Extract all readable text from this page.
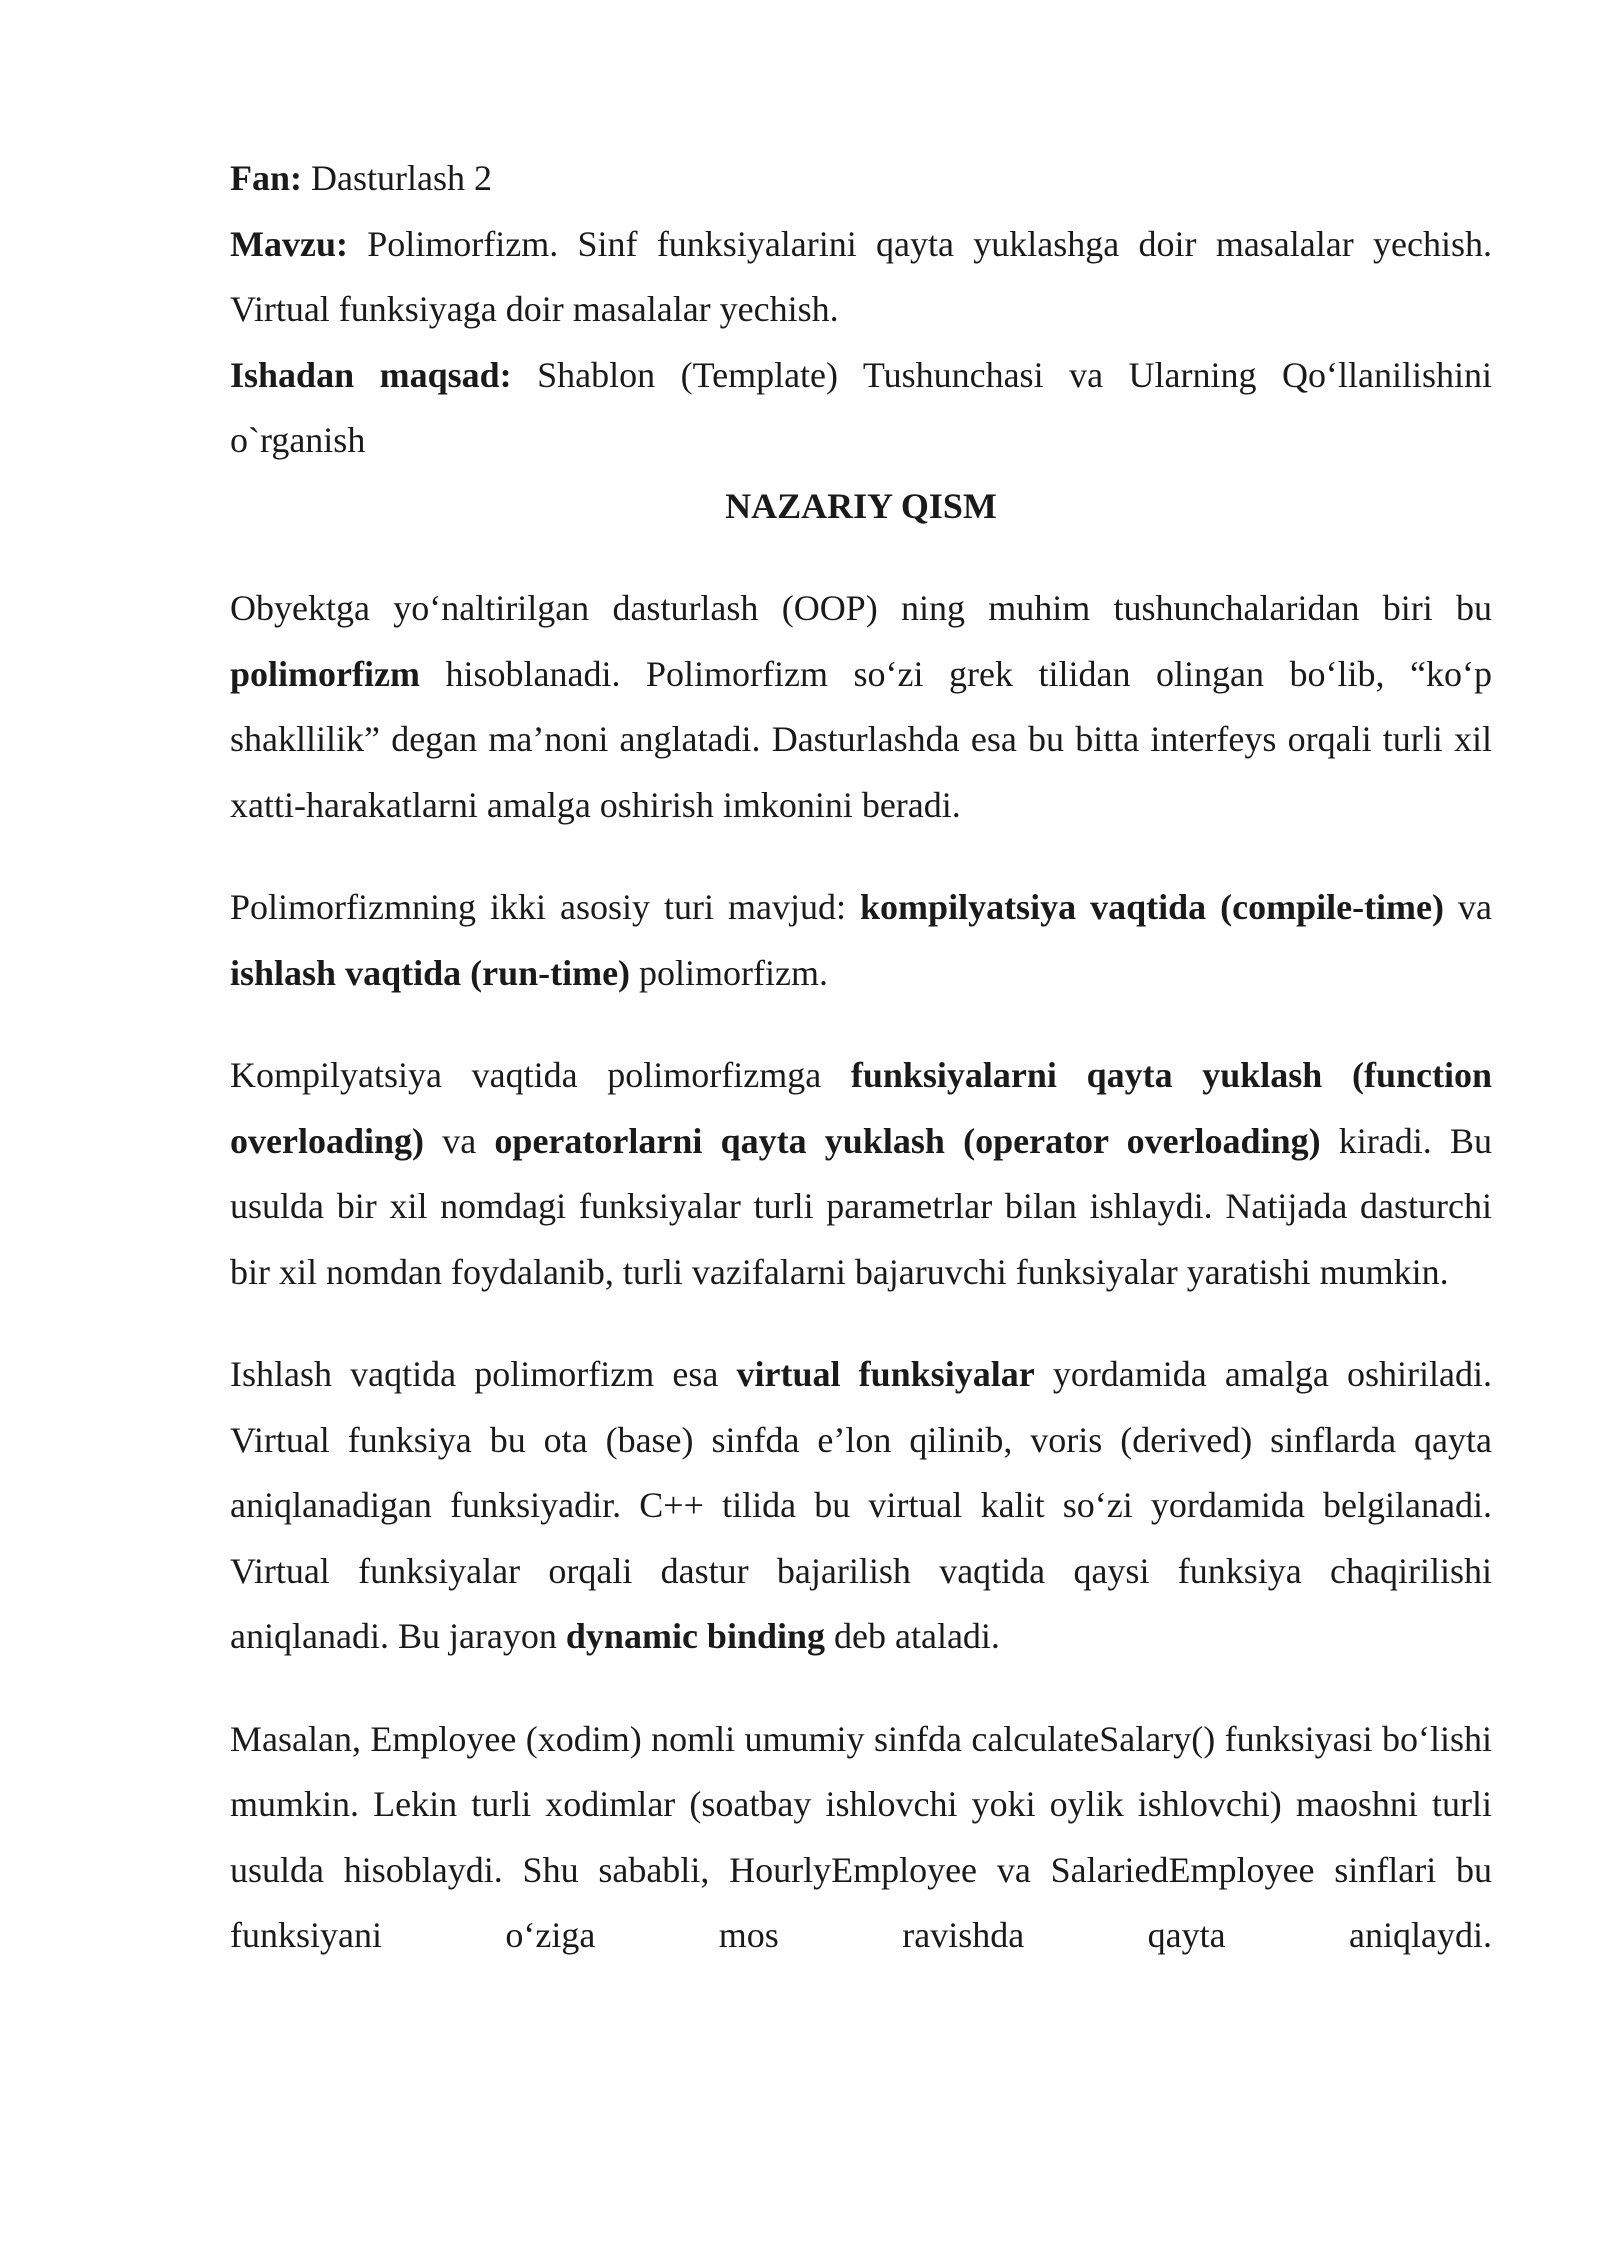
Fan: Dasturlash 2

Mavzu: Polimorfizm. Sinf funksiyalarini qayta yuklashga doir masalalar yechish. Virtual funksiyaga doir masalalar yechish.

Ishadan maqsad: Shablon (Template) Tushunchasi va Ularning Qo‘llanilishini o`rganish

NAZARIY QISM

Obyektga yo‘naltirilgan dasturlash (OOP) ning muhim tushunchalaridan biri bu polimorfizm hisoblanadi. Polimorfizm so‘zi grek tilidan olingan bo‘lib, “ko‘p shakllilik” degan ma’noni anglatadi. Dasturlashda esa bu bitta interfeys orqali turli xil xatti-harakatlarni amalga oshirish imkonini beradi.

Polimorfizmning ikki asosiy turi mavjud: kompilyatsiya vaqtida (compile-time) va ishlash vaqtida (run-time) polimorfizm.

Kompilyatsiya vaqtida polimorfizmga funksiyalarni qayta yuklash (function overloading) va operatorlarni qayta yuklash (operator overloading) kiradi. Bu usulda bir xil nomdagi funksiyalar turli parametrlar bilan ishlaydi. Natijada dasturchi bir xil nomdan foydalanib, turli vazifalarni bajaruvchi funksiyalar yaratishi mumkin.

Ishlash vaqtida polimorfizm esa virtual funksiyalar yordamida amalga oshiriladi. Virtual funksiya bu ota (base) sinfda e’lon qilinib, voris (derived) sinflarda qayta aniqlanadigan funksiyadir. C++ tilida bu virtual kalit so‘zi yordamida belgilanadi. Virtual funksiyalar orqali dastur bajarilish vaqtida qaysi funksiya chaqirilishi aniqlanadi. Bu jarayon dynamic binding deb ataladi.

Masalan, Employee (xodim) nomli umumiy sinfda calculateSalary() funksiyasi bo‘lishi mumkin. Lekin turli xodimlar (soatbay ishlovchi yoki oylik ishlovchi) maoshni turli usulda hisoblaydi. Shu sababli, HourlyEmployee va SalariedEmployee sinflari bu funksiyani o‘ziga mos ravishda qayta aniqlaydi.
